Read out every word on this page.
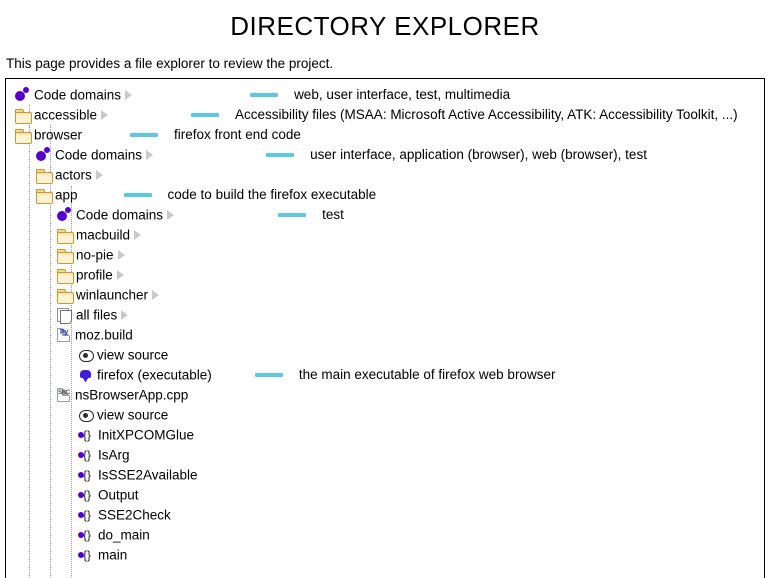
DIRECTORY EXPLORER

This page provides a file explorer to review the project.

Code domains	web, user interface, test, multimedia
accessible	Accessibility files (MSAA: Microsoft Active Accessibility, ATK: Accessibility Toolkit, ...)
browser	firefox front end code
Code domains	user interface, application (browser), web (browser), test
actors
app	code to build the firefox executable
Code domains	test
macbuild
no-pie
profile
winlauncher
all files
Py moz.build
view source
firefox (executable)	the main executable of firefox web browser
SRC nsBrowserApp.cpp
view source
{} InitXPCOMGlue
{} IsArg
{} IsSSE2Available
{} Output
{} SSE2Check
{} do_main
{} main
